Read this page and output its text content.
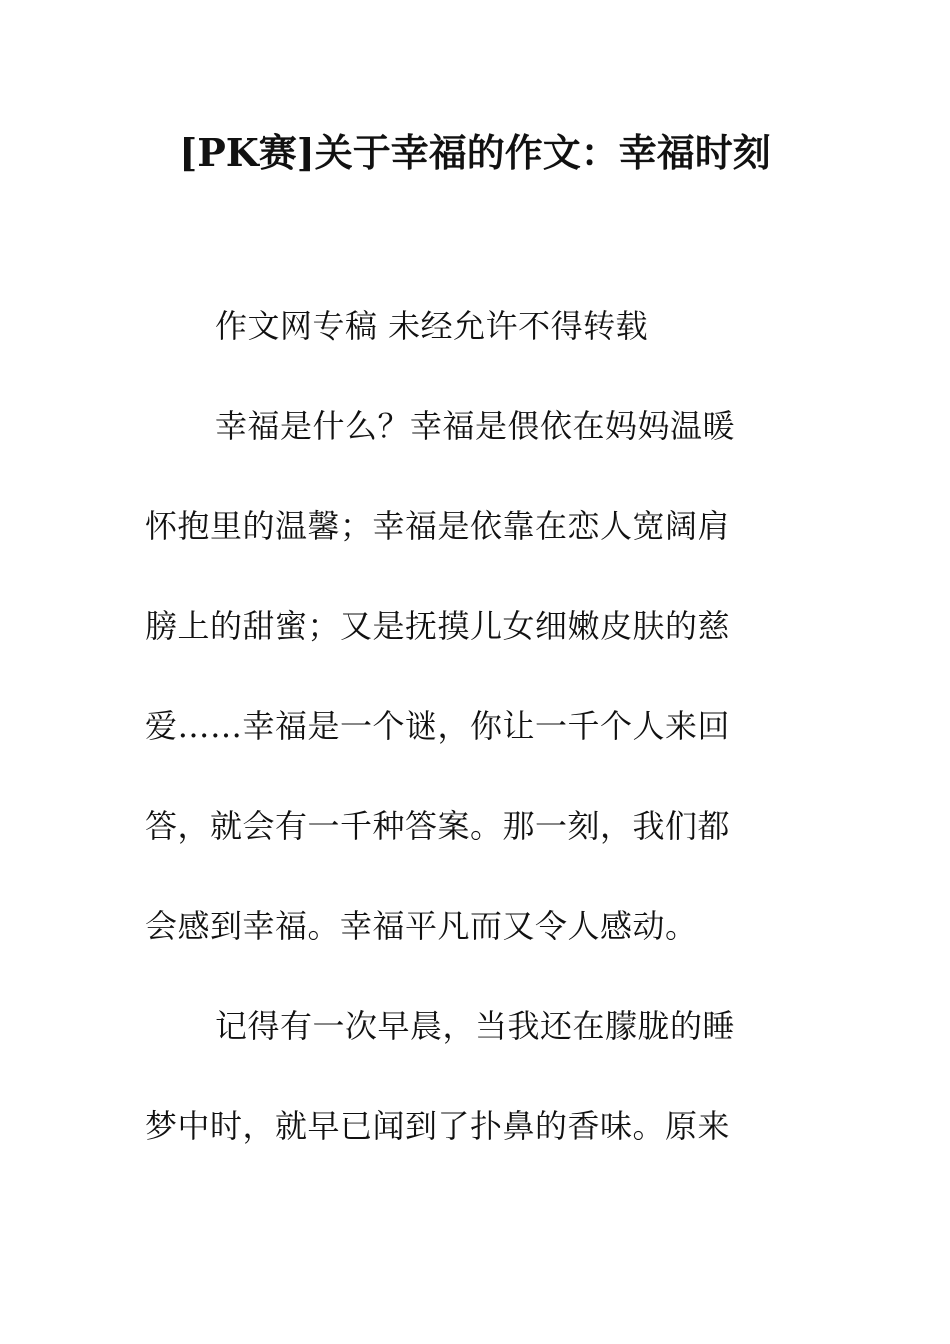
[PK赛]关于幸福的作文：幸福时刻
作文网专稿 未经允许不得转载
幸福是什么？幸福是偎依在妈妈温暖
怀抱里的温馨；幸福是依靠在恋人宽阔肩
膀上的甜蜜；又是抚摸儿女细嫩皮肤的慈
爱……幸福是一个谜，你让一千个人来回
答，就会有一千种答案。那一刻，我们都
会感到幸福。幸福平凡而又令人感动。
记得有一次早晨，当我还在朦胧的睡
梦中时，就早已闻到了扑鼻的香味。原来
